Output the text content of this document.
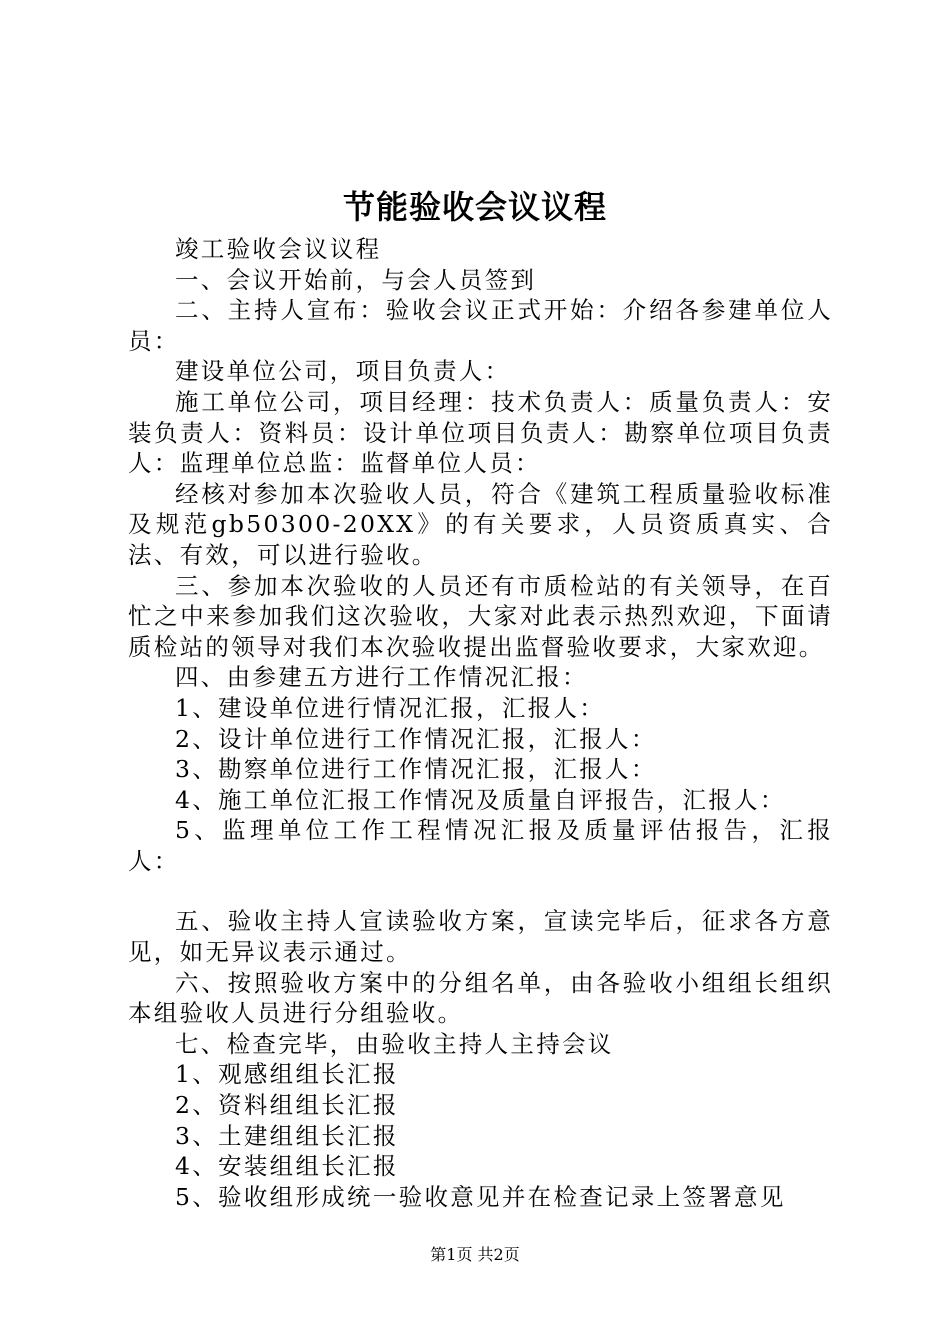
节能验收会议议程

竣工验收会议议程

一、会议开始前，与会人员签到

二、主持人宣布：验收会议正式开始：介绍各参建单位人员：

建设单位公司，项目负责人：

施工单位公司，项目经理：技术负责人：质量负责人：安装负责人：资料员：设计单位项目负责人：勘察单位项目负责人：监理单位总监：监督单位人员：

经核对参加本次验收人员，符合《建筑工程质量验收标准及规范gb50300-20XX》的有关要求，人员资质真实、合法、有效，可以进行验收。

三、参加本次验收的人员还有市质检站的有关领导，在百忙之中来参加我们这次验收，大家对此表示热烈欢迎，下面请质检站的领导对我们本次验收提出监督验收要求，大家欢迎。

四、由参建五方进行工作情况汇报：

1、建设单位进行情况汇报，汇报人：

2、设计单位进行工作情况汇报，汇报人：

3、勘察单位进行工作情况汇报，汇报人：

4、施工单位汇报工作情况及质量自评报告，汇报人：

5、监理单位工作工程情况汇报及质量评估报告，汇报人：

五、验收主持人宣读验收方案，宣读完毕后，征求各方意见，如无异议表示通过。

六、按照验收方案中的分组名单，由各验收小组组长组织本组验收人员进行分组验收。

七、检查完毕，由验收主持人主持会议

1、观感组组长汇报

2、资料组组长汇报

3、土建组组长汇报

4、安装组组长汇报

5、验收组形成统一验收意见并在检查记录上签署意见

第1页 共2页
